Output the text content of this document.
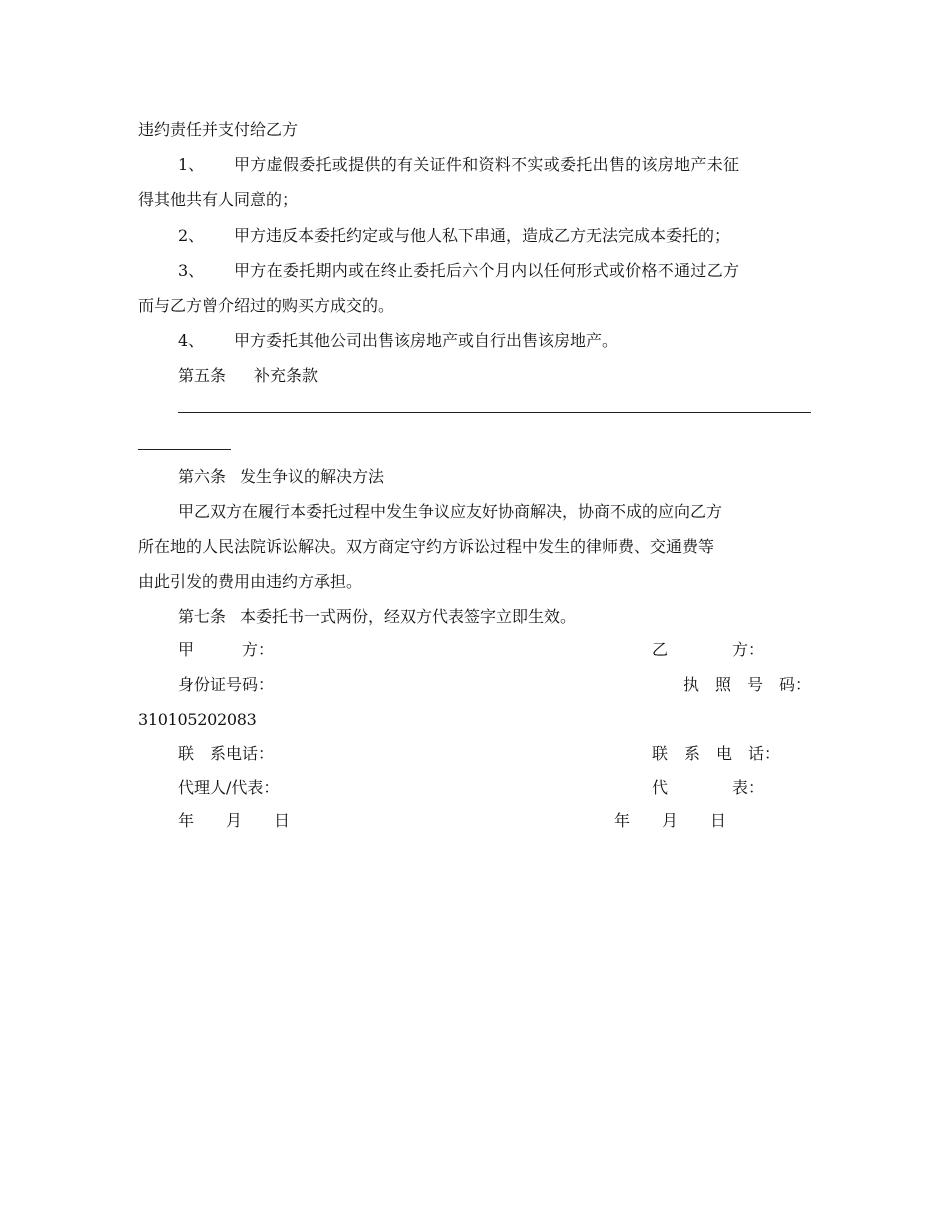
违约责任并支付给乙方
1、 甲方虚假委托或提供的有关证件和资料不实或委托出售的该房地产未征
得其他共有人同意的；
2、 甲方违反本委托约定或与他人私下串通，造成乙方无法完成本委托的；
3、 甲方在委托期内或在终止委托后六个月内以任何形式或价格不通过乙方
而与乙方曾介绍过的购买方成交的。
4、 甲方委托其他公司出售该房地产或自行出售该房地产。
第五条 补充条款
第六条 发生争议的解决方法
甲乙双方在履行本委托过程中发生争议应友好协商解决，协商不成的应向乙方
所在地的人民法院诉讼解决。双方商定守约方诉讼过程中发生的律师费、交通费等
由此引发的费用由违约方承担。
第七条 本委托书一式两份，经双方代表签字立即生效。
甲　　　方：	乙　　　　方：
身份证号码：	执　照　号　码：
310105202083
联　系电话：	联　系　电　话：
代理人/代表：	代　　　　表：
年　　月　　日	年　　月　　日
